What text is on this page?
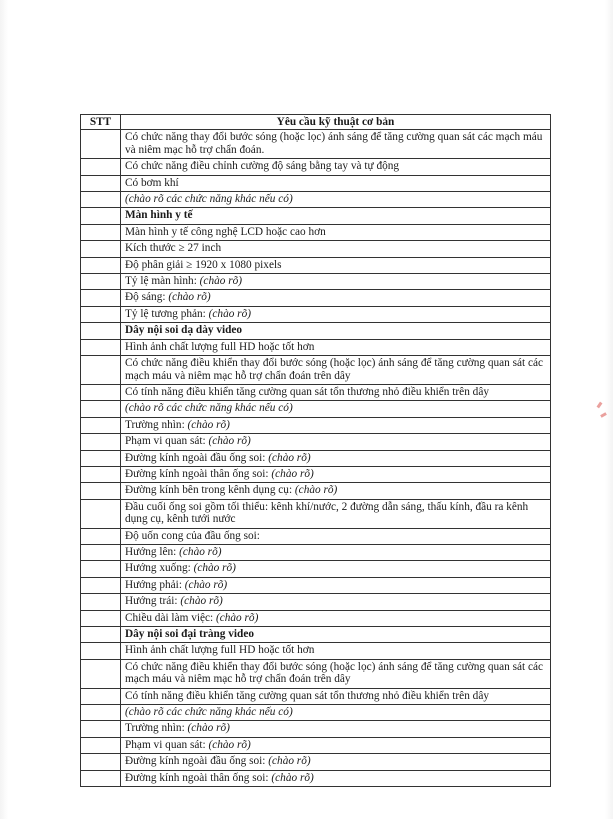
STT	Yêu cầu kỹ thuật cơ bản
	Có chức năng thay đổi bước sóng (hoặc lọc) ánh sáng để tăng cường quan sát các mạch máu và niêm mạc hỗ trợ chẩn đoán.
	Có chức năng điều chỉnh cường độ sáng bằng tay và tự động
	Có bơm khí
	(chào rõ các chức năng khác nếu có)
	Màn hình y tế
	Màn hình y tế công nghệ LCD hoặc cao hơn
	Kích thước ≥ 27 inch
	Độ phân giải ≥ 1920 x 1080 pixels
	Tỷ lệ màn hình: (chào rõ)
	Độ sáng: (chào rõ)
	Tỷ lệ tương phản: (chào rõ)
	Dây nội soi dạ dày video
	Hình ảnh chất lượng full HD hoặc tốt hơn
	Có chức năng điều khiển thay đổi bước sóng (hoặc lọc) ánh sáng để tăng cường quan sát các mạch máu và niêm mạc hỗ trợ chẩn đoán trên dây
	Có tính năng điều khiển tăng cường quan sát tổn thương nhỏ điều khiển trên dây
	(chào rõ các chức năng khác nếu có)
	Trường nhìn: (chào rõ)
	Phạm vi quan sát: (chào rõ)
	Đường kính ngoài đầu ống soi: (chào rõ)
	Đường kính ngoài thân ống soi: (chào rõ)
	Đường kính bên trong kênh dụng cụ: (chào rõ)
	Đầu cuối ống soi gồm tối thiểu: kênh khí/nước, 2 đường dẫn sáng, thấu kính, đầu ra kênh dụng cụ, kênh tưới nước
	Độ uốn cong của đầu ống soi:
	Hướng lên: (chào rõ)
	Hướng xuống: (chào rõ)
	Hướng phải: (chào rõ)
	Hướng trái: (chào rõ)
	Chiều dài làm việc: (chào rõ)
	Dây nội soi đại tràng video
	Hình ảnh chất lượng full HD hoặc tốt hơn
	Có chức năng điều khiển thay đổi bước sóng (hoặc lọc) ánh sáng để tăng cường quan sát các mạch máu và niêm mạc hỗ trợ chẩn đoán trên dây
	Có tính năng điều khiển tăng cường quan sát tổn thương nhỏ điều khiển trên dây
	(chào rõ các chức năng khác nếu có)
	Trường nhìn: (chào rõ)
	Phạm vi quan sát: (chào rõ)
	Đường kính ngoài đầu ống soi: (chào rõ)
	Đường kính ngoài thân ống soi: (chào rõ)
